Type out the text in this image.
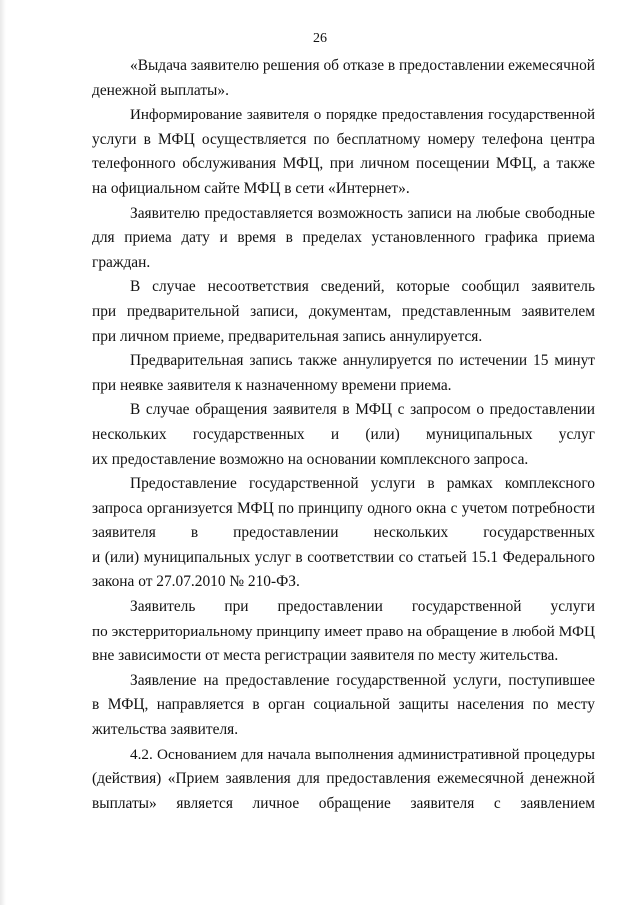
26
«Выдача заявителю решения об отказе в предоставлении ежемесячной
денежной выплаты».
Информирование заявителя о порядке предоставления государственной
услуги в МФЦ осуществляется по бесплатному номеру телефона центра
телефонного обслуживания МФЦ, при личном посещении МФЦ, а также
на официальном сайте МФЦ в сети «Интернет».
Заявителю предоставляется возможность записи на любые свободные
для приема дату и время в пределах установленного графика приема
граждан.
В случае несоответствия сведений, которые сообщил заявитель
при предварительной записи, документам, представленным заявителем
при личном приеме, предварительная запись аннулируется.
Предварительная запись также аннулируется по истечении 15 минут
при неявке заявителя к назначенному времени приема.
В случае обращения заявителя в МФЦ с запросом о предоставлении
нескольких государственных и (или) муниципальных услуг
их предоставление возможно на основании комплексного запроса.
Предоставление государственной услуги в рамках комплексного
запроса организуется МФЦ по принципу одного окна с учетом потребности
заявителя в предоставлении нескольких государственных
и (или) муниципальных услуг в соответствии со статьей 15.1 Федерального
закона от 27.07.2010 № 210-ФЗ.
Заявитель при предоставлении государственной услуги
по экстерриториальному принципу имеет право на обращение в любой МФЦ
вне зависимости от места регистрации заявителя по месту жительства.
Заявление на предоставление государственной услуги, поступившее
в МФЦ, направляется в орган социальной защиты населения по месту
жительства заявителя.
4.2. Основанием для начала выполнения административной процедуры
(действия) «Прием заявления для предоставления ежемесячной денежной
выплаты» является личное обращение заявителя с заявлением
